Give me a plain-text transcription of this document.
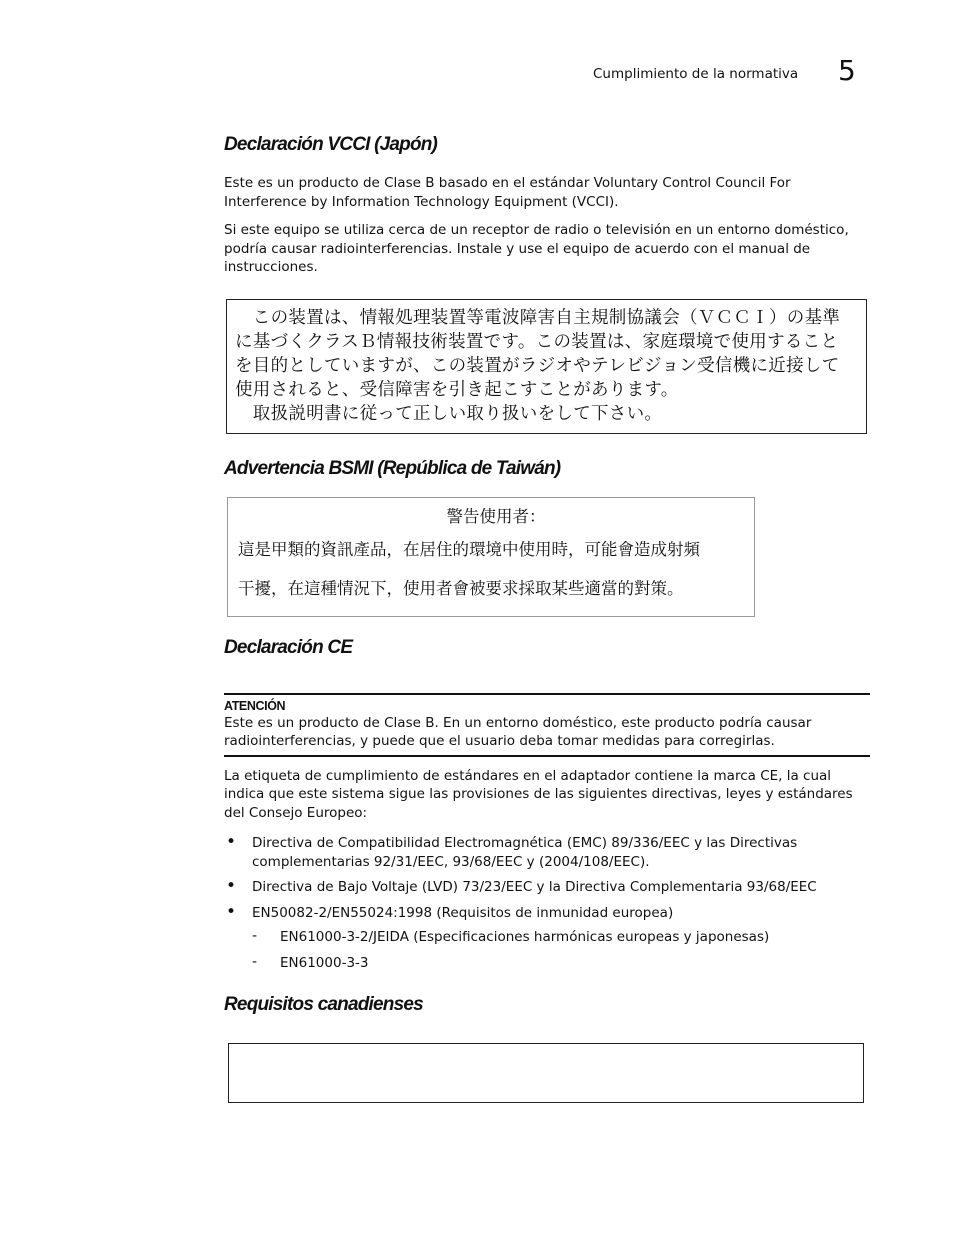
Cumplimiento de la normativa 5
Declaración VCCI (Japón)

Este es un producto de Clase B basado en el estándar Voluntary Control Council For Interference by Information Technology Equipment (VCCI).

Si este equipo se utiliza cerca de un receptor de radio o televisión en un entorno doméstico, podría causar radiointerferencias. Instale y use el equipo de acuerdo con el manual de instrucciones.

　この装置は、情報処理装置等電波障害自主規制協議会（ＶＣＣＩ）の基準
に基づくクラスＢ情報技術装置です。この装置は、家庭環境で使用すること
を目的としていますが、この装置がラジオやテレビジョン受信機に近接して
使用されると、受信障害を引き起こすことがあります。
　取扱説明書に従って正しい取り扱いをして下さい。
Advertencia BSMI (República de Taiwán)
警告使用者：
這是甲類的資訊產品，在居住的環境中使用時，可能會造成射頻
干擾，在這種情況下，使用者會被要求採取某些適當的對策。
Declaración CE
ATENCIÓN

Este es un producto de Clase B. En un entorno doméstico, este producto podría causar radiointerferencias, y puede que el usuario deba tomar medidas para corregirlas.

La etiqueta de cumplimiento de estándares en el adaptador contiene la marca CE, la cual indica que este sistema sigue las provisiones de las siguientes directivas, leyes y estándares del Consejo Europeo:

• Directiva de Compatibilidad Electromagnética (EMC) 89/336/EEC y las Directivas complementarias 92/31/EEC, 93/68/EEC y (2004/108/EEC).

• Directiva de Bajo Voltaje (LVD) 73/23/EEC y la Directiva Complementaria 93/68/EEC

• EN50082-2/EN55024:1998 (Requisitos de inmunidad europea)

- EN61000-3-2/JEIDA (Especificaciones harmónicas europeas y japonesas)

- EN61000-3-3

Requisitos canadienses
